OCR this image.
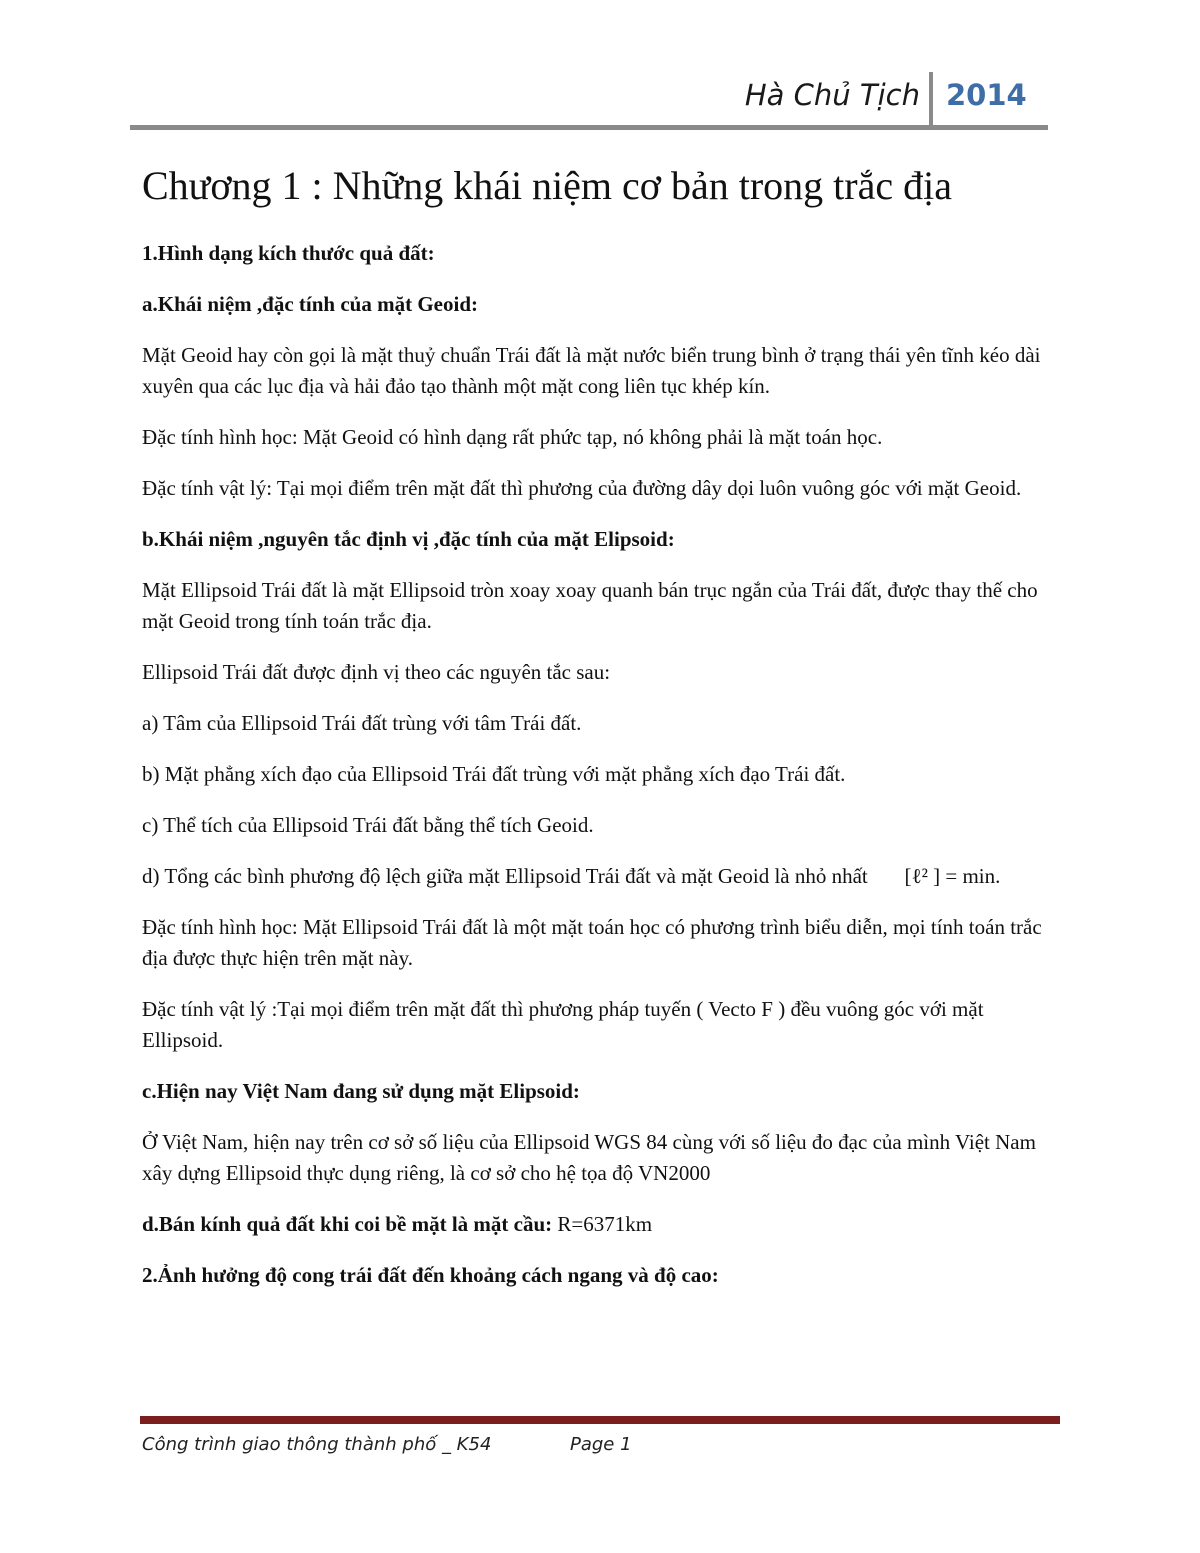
Hà Chủ Tịch 2014
Chương 1 : Những khái niệm cơ bản trong trắc địa

1.Hình dạng kích thước quả đất:

a.Khái niệm ,đặc tính của mặt Geoid:

Mặt Geoid hay còn gọi là mặt thuỷ chuẩn Trái đất là mặt nước biển trung bình ở trạng thái yên tĩnh kéo dài xuyên qua các lục địa và hải đảo tạo thành một mặt cong liên tục khép kín.

Đặc tính hình học: Mặt Geoid có hình dạng rất phức tạp, nó không phải là mặt toán học.

Đặc tính vật lý: Tại mọi điểm trên mặt đất thì phương của đường dây dọi luôn vuông góc với mặt Geoid.

b.Khái niệm ,nguyên tắc định vị ,đặc tính của mặt Elipsoid:

Mặt Ellipsoid Trái đất là mặt Ellipsoid tròn xoay xoay quanh bán trục ngắn của Trái đất, được thay thế cho mặt Geoid trong tính toán trắc địa.

Ellipsoid Trái đất được định vị theo các nguyên tắc sau:

a) Tâm của Ellipsoid Trái đất trùng với tâm Trái đất.

b) Mặt phẳng xích đạo của Ellipsoid Trái đất trùng với mặt phẳng xích đạo Trái đất.

c) Thể tích của Ellipsoid Trái đất bằng thể tích Geoid.

d) Tổng các bình phương độ lệch giữa mặt Ellipsoid Trái đất và mặt Geoid là nhỏ nhất       [ℓ² ] = min.

Đặc tính hình học: Mặt Ellipsoid Trái đất là một mặt toán học có phương trình biểu diễn, mọi tính toán trắc địa được thực hiện trên mặt này.

Đặc tính vật lý :Tại mọi điểm trên mặt đất thì phương pháp tuyến ( Vecto F ) đều vuông góc với mặt Ellipsoid.

c.Hiện nay Việt Nam đang sử dụng mặt Elipsoid:

Ở Việt Nam, hiện nay trên cơ sở số liệu của Ellipsoid WGS 84 cùng với số liệu đo đạc của mình Việt Nam xây dựng Ellipsoid thực dụng riêng, là cơ sở cho hệ tọa độ VN2000

d.Bán kính quả đất khi coi bề mặt là mặt cầu: R=6371km

2.Ảnh hưởng độ cong trái đất đến khoảng cách ngang và độ cao:

Công trình giao thông thành phố _ K54	Page 1
